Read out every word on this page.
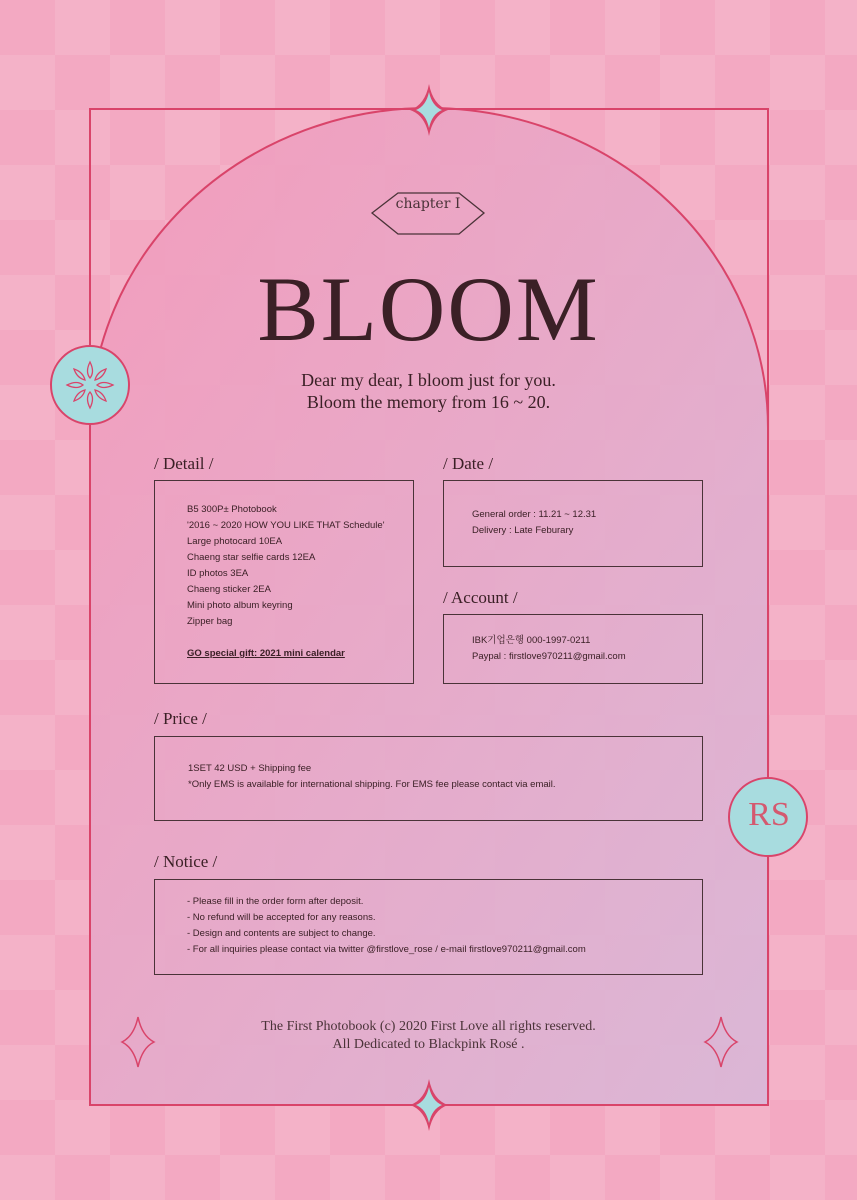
chapter I
BLOOM
Dear my dear, I bloom just for you.
Bloom the memory from 16 ~ 20.
/ Detail /
B5 300P± Photobook
'2016 ~ 2020 HOW YOU LIKE THAT Schedule'
Large photocard 10EA
Chaeng star selfie cards 12EA
ID photos 3EA
Chaeng sticker 2EA
Mini photo album keyring
Zipper bag
GO special gift: 2021 mini calendar
/ Date /
General order : 11.21 ~ 12.31
Delivery : Late Feburary
/ Account /
IBK기업은행 000-1997-0211
Paypal : firstlove970211@gmail.com
/ Price /
1SET 42 USD + Shipping fee
*Only EMS is available for international shipping. For EMS fee please contact via email.
/ Notice /
- Please fill in the order form after deposit.
- No refund will be accepted for any reasons.
- Design and contents are subject to change.
- For all inquiries please contact via twitter @firstlove_rose / e-mail firstlove970211@gmail.com
RS
The First Photobook (c) 2020 First Love all rights reserved.
All Dedicated to Blackpink Rosé .
